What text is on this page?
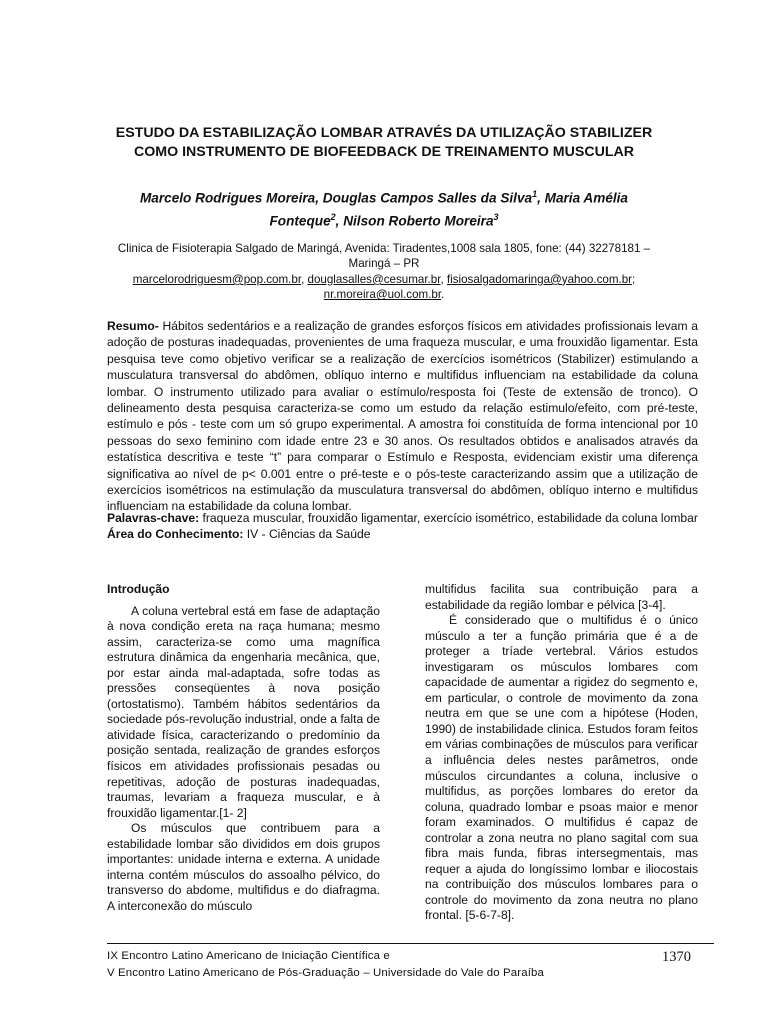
ESTUDO DA ESTABILIZAÇÃO LOMBAR ATRAVÉS DA UTILIZAÇÃO STABILIZER
COMO INSTRUMENTO DE BIOFEEDBACK DE TREINAMENTO MUSCULAR
Marcelo Rodrigues Moreira, Douglas Campos Salles da Silva$^1$, Maria Amélia
Fonteque$^2$, Nilson Roberto Moreira$^3$
Clinica de Fisioterapia Salgado de Maringá, Avenida: Tiradentes,1008 sala 1805, fone: (44) 32278181 –
Maringá – PR
marcelorodriguesm@pop.com.br, douglasalles@cesumar.br, fisiosalgadomaringa@yahoo.com.br;
nr.moreira@uol.com.br.

Resumo- Hábitos sedentários e a realização de grandes esforços físicos em atividades profissionais levam a adoção de posturas inadequadas, provenientes de uma fraqueza muscular, e uma frouxidão ligamentar. Esta pesquisa teve como objetivo verificar se a realização de exercícios isométricos (Stabilizer) estimulando a musculatura transversal do abdômen, oblíquo interno e multifidus influenciam na estabilidade da coluna lombar. O instrumento utilizado para avaliar o estímulo/resposta foi (Teste de extensão de tronco). O delineamento desta pesquisa caracteriza-se como um estudo da relação estimulo/efeito, com pré-teste, estímulo e pós - teste com um só grupo experimental. A amostra foi constituída de forma intencional por 10 pessoas do sexo feminino com idade entre 23 e 30 anos. Os resultados obtidos e analisados através da estatística descritiva e teste “t” para comparar o Estímulo e Resposta, evidenciam existir uma diferença significativa ao nível de p< 0.001 entre o pré-teste e o pós-teste caracterizando assim que a utilização de exercícios isométricos na estimulação da musculatura transversal do abdômen, oblíquo interno e multifidus influenciam na estabilidade da coluna lombar.

Palavras-chave: fraqueza muscular, frouxidão ligamentar, exercício isométrico, estabilidade da coluna lombar

Área do Conhecimento: IV - Ciências da Saúde

Introdução

A coluna vertebral está em fase de adaptação à nova condição ereta na raça humana; mesmo assim, caracteriza-se como uma magnífica estrutura dinâmica da engenharia mecânica, que, por estar ainda mal-adaptada, sofre todas as pressões conseqüentes à nova posição (ortostatismo). Também hábitos sedentários da sociedade pós-revolução industrial, onde a falta de atividade física, caracterizando o predomínio da posição sentada, realização de grandes esforços físicos em atividades profissionais pesadas ou repetitivas, adoção de posturas inadequadas, traumas, levariam a fraqueza muscular, e à frouxidão ligamentar.[1- 2]

Os músculos que contribuem para a estabilidade lombar são divididos em dois grupos importantes: unidade interna e externa. A unidade interna contém músculos do assoalho pélvico, do transverso do abdome, multifidus e do diafragma. A interconexão do músculo

multifidus facilita sua contribuição para a estabilidade da região lombar e pélvica [3-4].

É considerado que o multifidus é o único músculo a ter a função primária que é a de proteger a tríade vertebral. Vários estudos investigaram os músculos lombares com capacidade de aumentar a rigidez do segmento e, em particular, o controle de movimento da zona neutra em que se une com a hipótese (Hoden, 1990) de instabilidade clinica. Estudos foram feitos em várias combinações de músculos para verificar a influência deles nestes parâmetros, onde músculos circundantes a coluna, inclusive o multifidus, as porções lombares do eretor da coluna, quadrado lombar e psoas maior e menor foram examinados. O multifidus é capaz de controlar a zona neutra no plano sagital com sua fibra mais funda, fibras intersegmentais, mas requer a ajuda do longíssimo lombar e iliocostais na contribuição dos músculos lombares para o controle do movimento da zona neutra no plano frontal. [5-6-7-8].

IX Encontro Latino Americano de Iniciação Científica e
V Encontro Latino Americano de Pós-Graduação – Universidade do Vale do Paraíba
1370
